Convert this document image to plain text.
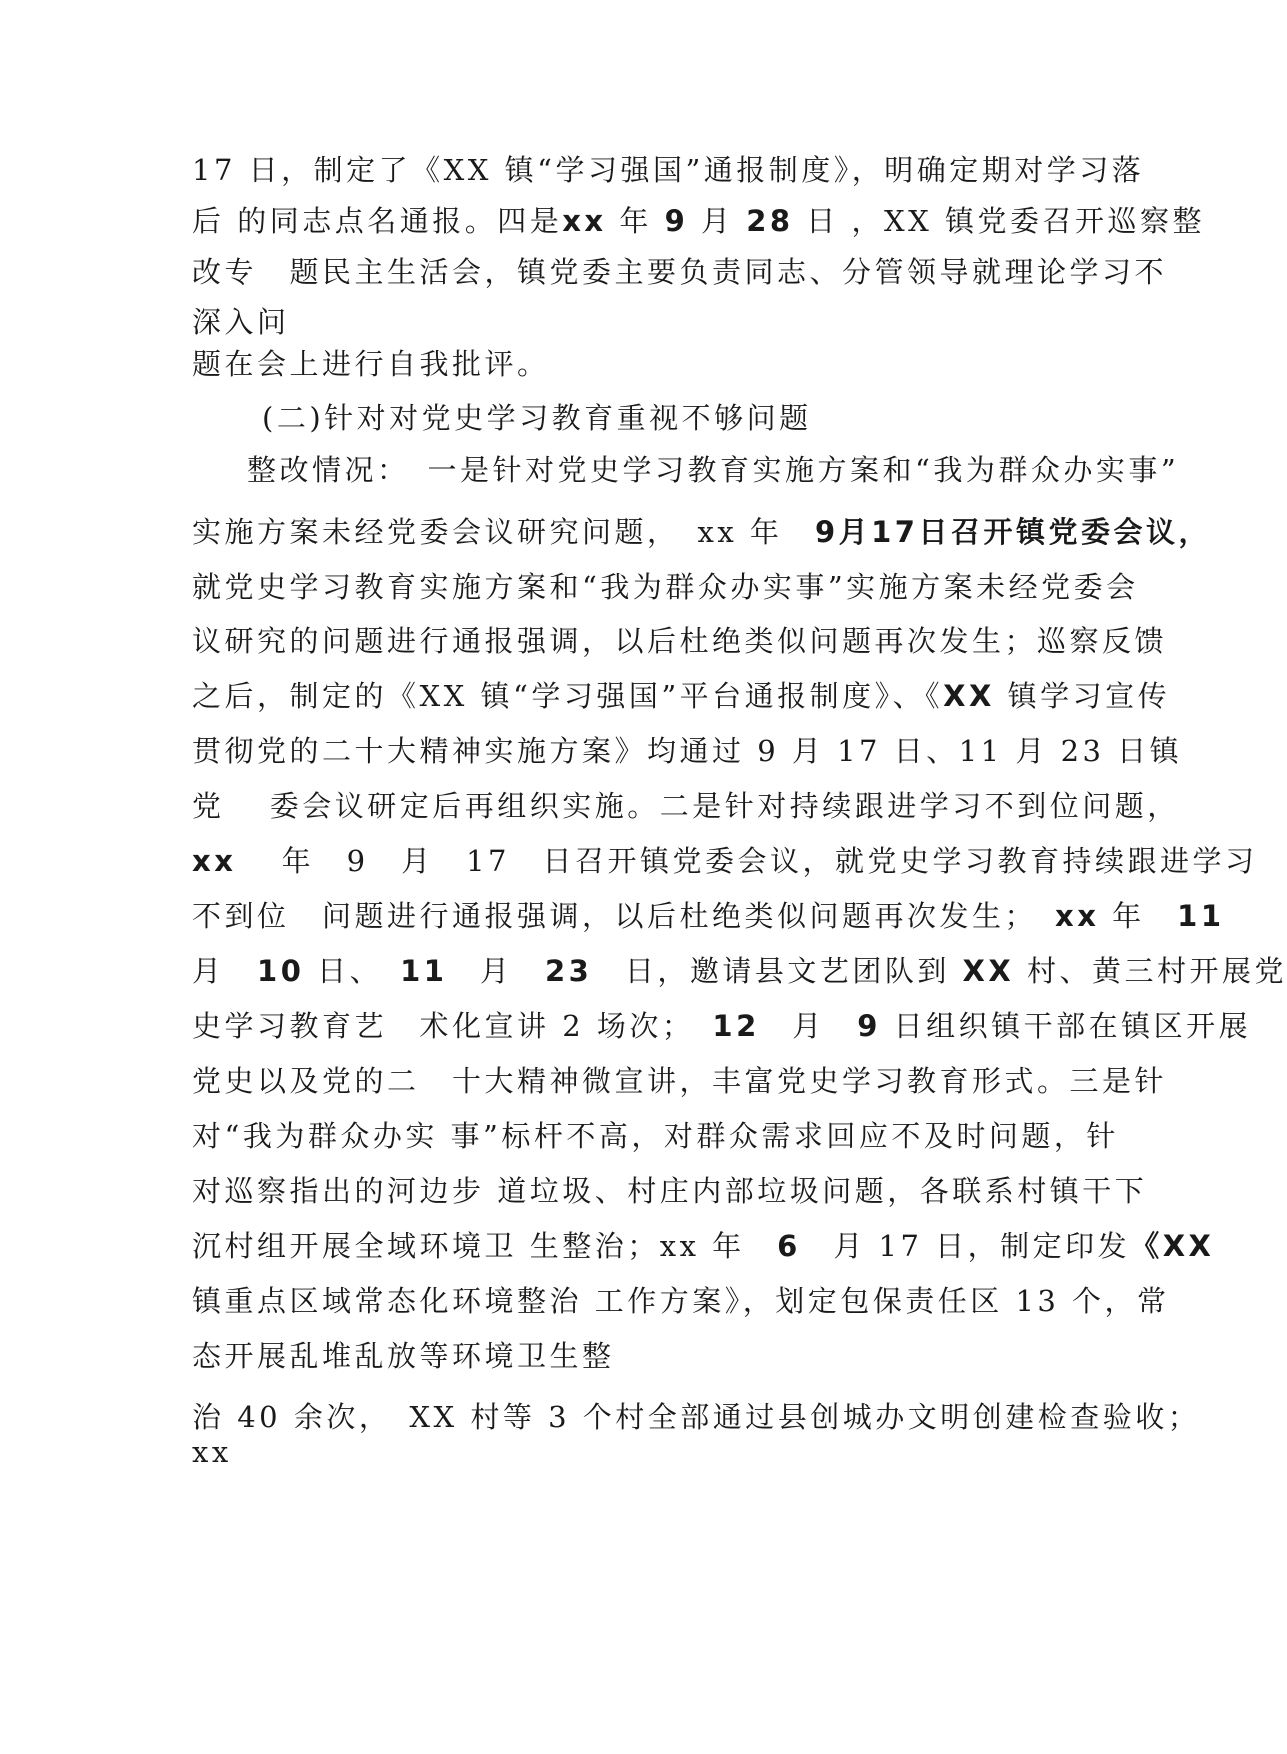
17 日，制定了《XX 镇“学习强国”通报制度》，明确定期对学习落
后 的同志点名通报。四是xx 年 9 月 28 日 ，XX 镇党委召开巡察整
改专　题民主生活会，镇党委主要负责同志、分管领导就理论学习不
深入问
题在会上进行自我批评。
(二)针对对党史学习教育重视不够问题
整改情况：　一是针对党史学习教育实施方案和“我为群众办实事”
实施方案未经党委会议研究问题，　xx 年　9月17日召开镇党委会议，
就党史学习教育实施方案和“我为群众办实事”实施方案未经党委会
议研究的问题进行通报强调，以后杜绝类似问题再次发生；巡察反馈
之后，制定的《XX 镇“学习强国”平台通报制度》、《XX 镇学习宣传
贯彻党的二十大精神实施方案》均通过 9 月 17 日、11 月 23 日镇
党　 委会议研定后再组织实施。二是针对持续跟进学习不到位问题，
xx　 年　9　月　17　日召开镇党委会议，就党史学习教育持续跟进学习
不到位　问题进行通报强调，以后杜绝类似问题再次发生；　xx 年　11
月　10 日、　11　月　23　日，邀请县文艺团队到 XX 村、黄三村开展党
史学习教育艺　术化宣讲 2 场次；　12　月　9 日组织镇干部在镇区开展
党史以及党的二　十大精神微宣讲，丰富党史学习教育形式。三是针
对“我为群众办实 事”标杆不高，对群众需求回应不及时问题，针
对巡察指出的河边步 道垃圾、村庄内部垃圾问题，各联系村镇干下
沉村组开展全域环境卫 生整治；xx 年　6　月 17 日，制定印发《XX
镇重点区域常态化环境整治 工作方案》，划定包保责任区 13 个，常
态开展乱堆乱放等环境卫生整
治 40 余次，　XX 村等 3 个村全部通过县创城办文明创建检查验收；
xx
